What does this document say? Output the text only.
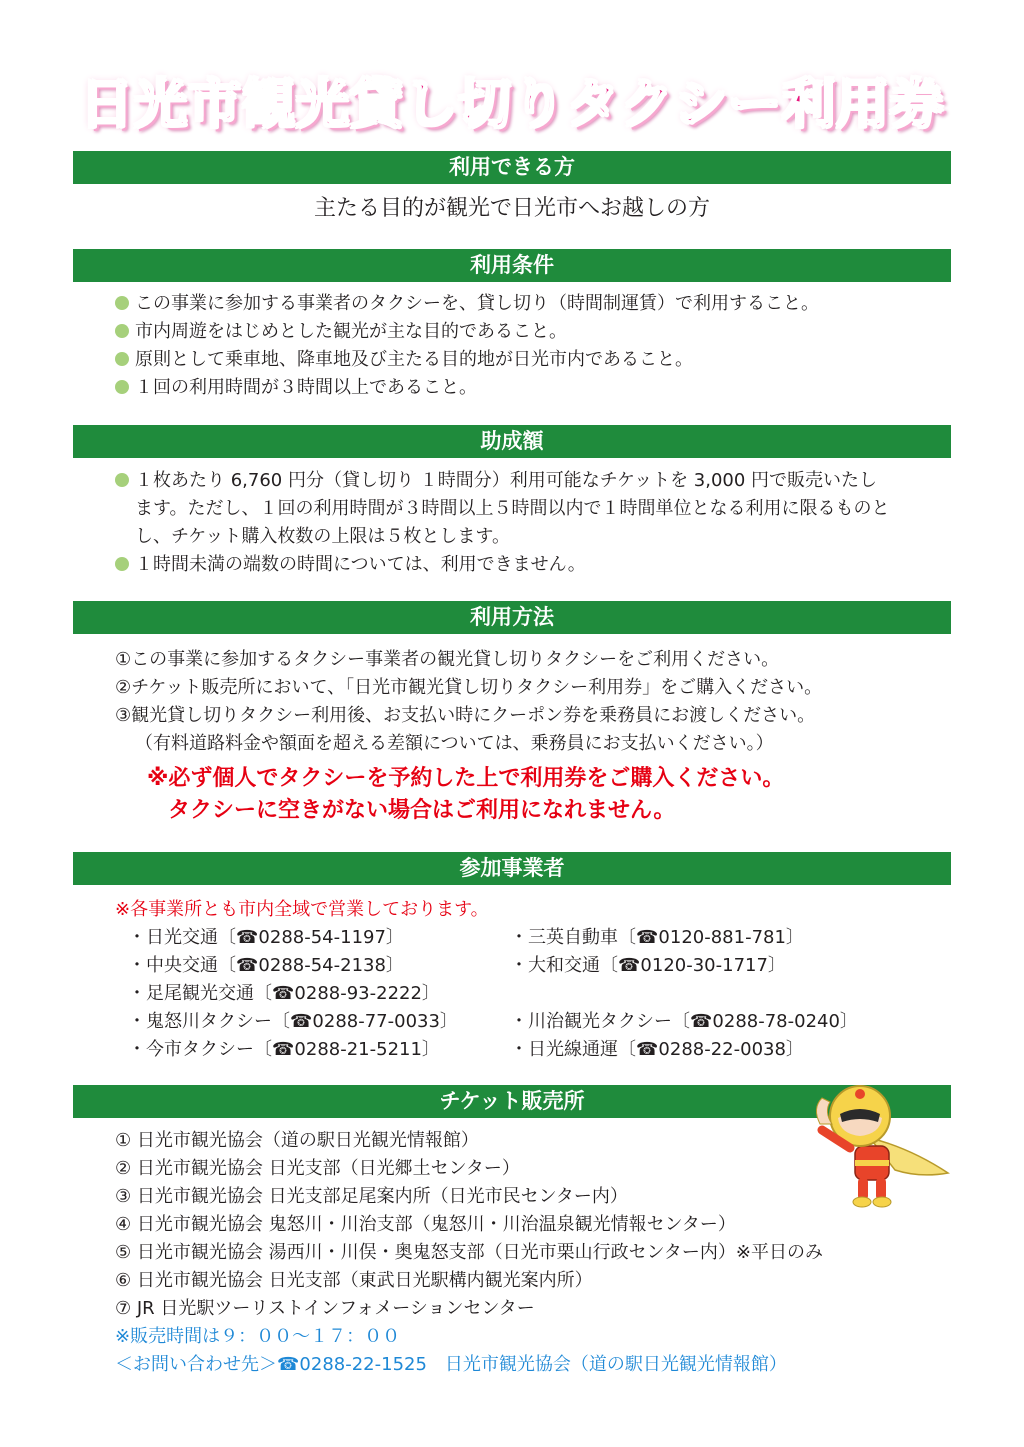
日光市観光貸し切りタクシー利用券
利用できる方
主たる目的が観光で日光市へお越しの方
利用条件
この事業に参加する事業者のタクシーを、貸し切り（時間制運賃）で利用すること。
市内周遊をはじめとした観光が主な目的であること。
原則として乗車地、降車地及び主たる目的地が日光市内であること。
１回の利用時間が３時間以上であること。
助成額
１枚あたり 6,760 円分（貸し切り １時間分）利用可能なチケットを 3,000 円で販売いたし
ます。ただし、１回の利用時間が３時間以上５時間以内で１時間単位となる利用に限るものと
し、チケット購入枚数の上限は５枚とします。
１時間未満の端数の時間については、利用できません。
利用方法
①この事業に参加するタクシー事業者の観光貸し切りタクシーをご利用ください。
②チケット販売所において、「日光市観光貸し切りタクシー利用券」をご購入ください。
③観光貸し切りタクシー利用後、お支払い時にクーポン券を乗務員にお渡しください。
（有料道路料金や額面を超える差額については、乗務員にお支払いください。）
※必ず個人でタクシーを予約した上で利用券をご購入ください。
タクシーに空きがない場合はご利用になれません。
参加事業者
※各事業所とも市内全域で営業しております。
・日光交通〔☎0288-54-1197〕
・中央交通〔☎0288-54-2138〕
・足尾観光交通〔☎0288-93-2222〕
・鬼怒川タクシー〔☎0288-77-0033〕
・今市タクシー〔☎0288-21-5211〕
・三英自動車〔☎0120-881-781〕
・大和交通〔☎0120-30-1717〕
・川治観光タクシー〔☎0288-78-0240〕
・日光線通運〔☎0288-22-0038〕
チケット販売所
① 日光市観光協会（道の駅日光観光情報館）
② 日光市観光協会 日光支部（日光郷土センター）
③ 日光市観光協会 日光支部足尾案内所（日光市民センター内）
④ 日光市観光協会 鬼怒川・川治支部（鬼怒川・川治温泉観光情報センター）
⑤ 日光市観光協会 湯西川・川俣・奥鬼怒支部（日光市栗山行政センター内）※平日のみ
⑥ 日光市観光協会 日光支部（東武日光駅構内観光案内所）
⑦ JR 日光駅ツーリストインフォメーションセンター
※販売時間は９：００～１７：００
＜お問い合わせ先＞☎0288-22-1525　日光市観光協会（道の駅日光観光情報館）
